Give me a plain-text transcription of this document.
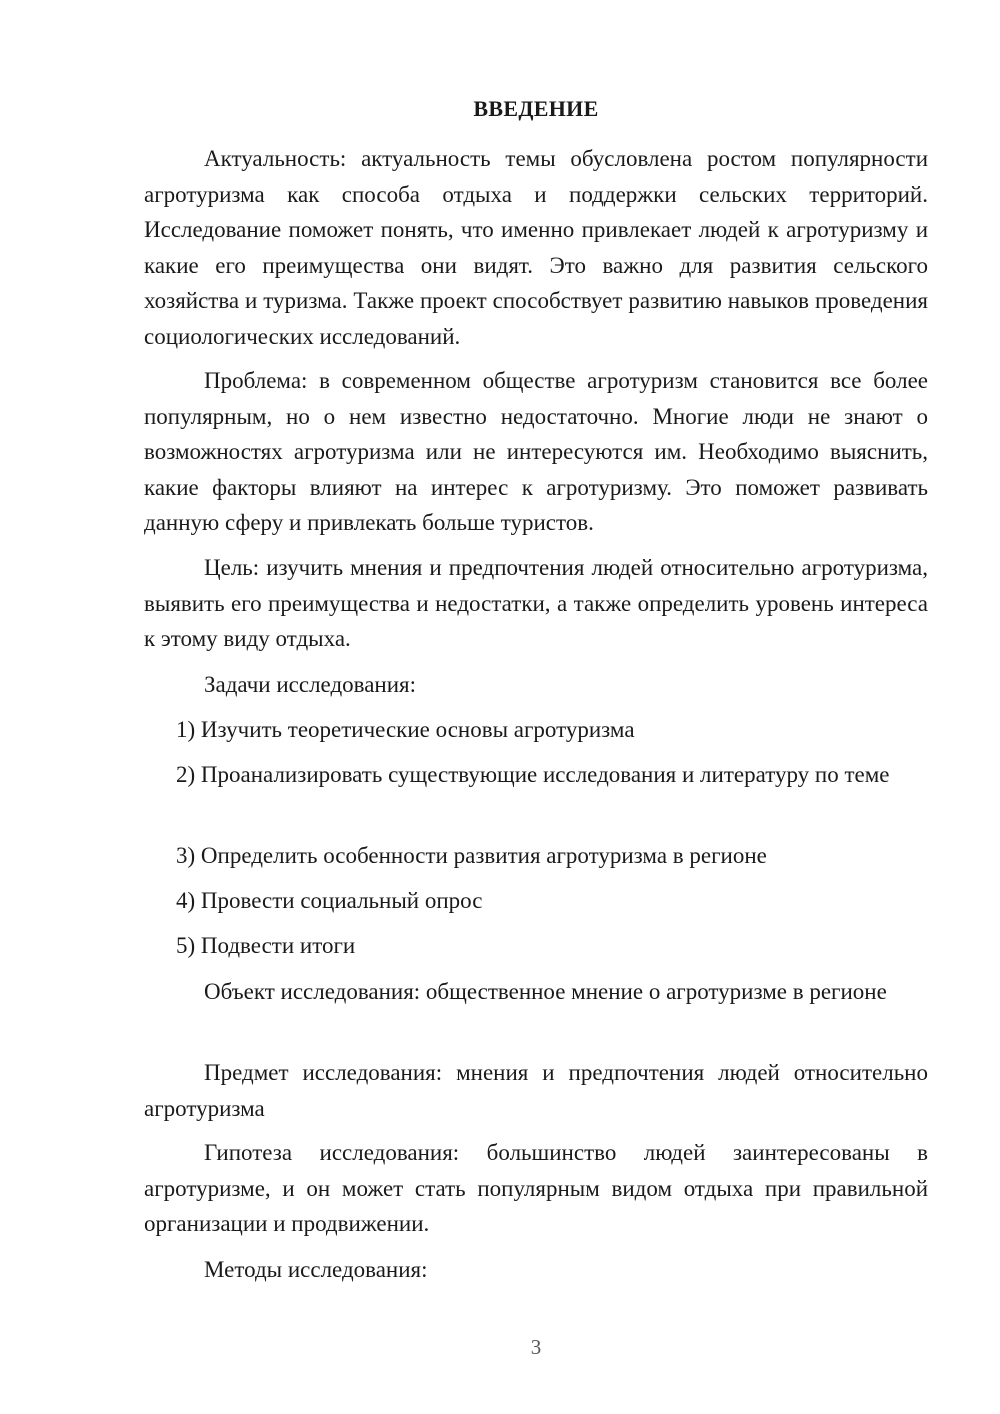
ВВЕДЕНИЕ

Актуальность: актуальность темы обусловлена ростом популярности агротуризма как способа отдыха и поддержки сельских территорий. Исследование поможет понять, что именно привлекает людей к агротуризму и какие его преимущества они видят. Это важно для развития сельского хозяйства и туризма. Также проект способствует развитию навыков проведения социологических исследований.

Проблема: в современном обществе агротуризм становится все более популярным, но о нем известно недостаточно. Многие люди не знают о возможностях агротуризма или не интересуются им. Необходимо выяснить, какие факторы влияют на интерес к агротуризму. Это поможет развивать данную сферу и привлекать больше туристов.

Цель: изучить мнения и предпочтения людей относительно агротуризма, выявить его преимущества и недостатки, а также определить уровень интереса к этому виду отдыха.

Задачи исследования:

1) Изучить теоретические основы агротуризма

2) Проанализировать существующие исследования и литературу по теме

3) Определить особенности развития агротуризма в регионе

4) Провести социальный опрос

5) Подвести итоги

Объект исследования: общественное мнение о агротуризме в регионе

Предмет исследования: мнения и предпочтения людей относительно агротуризма

Гипотеза исследования: большинство людей заинтересованы в агротуризме, и он может стать популярным видом отдыха при правильной организации и продвижении.

Методы исследования:

3
